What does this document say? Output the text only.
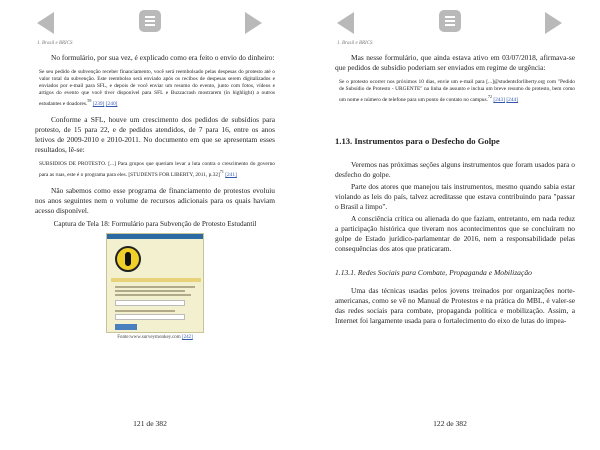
1. Brasil e BRICS

No formulário, por sua vez, é explicado como era feito o envio do dinheiro:

Se seu pedido de subvenção receber financiamento, você será reembolsado pelas despesas do protesto até o valor total da subvenção. Este reembolso será enviado após os recibos de despesas serem digitalizados e enviados por e-mail para SFL, e depois de você enviar um resumo do evento, junto com fotos, vídeos e artigos do evento que você tiver disponível para SFL e Buzzacrash mostrarem (in highlight) a outros estudantes e doadores.$^{59}$ [239] [240]

Conforme a SFL, houve um crescimento dos pedidos de subsídios para protesto, de 15 para 22, e de pedidos atendidos, de 7 para 16, entre os anos letivos de 2009-2010 e 2010-2011. No documento em que se apresentam esses resultados, lê-se:

SUBSIDIOS DE PROTESTO. [...] Para grupos que queriam levar a luta contra o crescimento do governo para as ruas, este é o programa para eles. [STUDENTS FOR LIBERTY, 2011, p.32]$^{71}$ [241]

Não sabemos como esse programa de financiamento de protestos evoluiu nos anos seguintes nem o volume de recursos adicionais para os quais haviam acesso disponível.

Captura de Tela 18: Formulário para Subvenção de Protesto Estudantil
Fonte:www.surveymonkey.com [242]
121 de 382
1. Brasil e BRICS

Mas nesse formulário, que ainda estava ativo em 03/07/2018, afirmava-se que pedidos de subsídio poderiam ser enviados em regime de urgência:

Se o protesto ocorrer nos próximos 10 dias, envie um e-mail para [...]@studentsforliberty.org com "Pedido de Subsídio de Protesto - URGENTE" na linha de assunto e inclua um breve resumo do protesto, bem como um nome e número de telefone para um ponto de contato no campus.$^{72}$ [243] [244]
1.13. Instrumentos para o Desfecho do Golpe

Veremos nas próximas seções alguns instrumentos que foram usados para o desfecho do golpe.

Parte dos atores que manejou tais instrumentos, mesmo quando sabia estar violando as leis do país, talvez acreditasse que estava contribuindo para "passar o Brasil a limpo".

A consciência crítica ou alienada do que faziam, entretanto, em nada reduz a participação histórica que tiveram nos acontecimentos que se concluíram no golpe de Estado jurídico-parlamentar de 2016, nem a responsabilidade pelas consequências dos atos que praticaram.

1.13.1. Redes Sociais para Combate, Propaganda e Mobilização

Uma das técnicas usadas pelos jovens treinados por organizações norte-americanas, como se vê no Manual de Protestos e na prática do MBL, é valer-se das redes sociais para combate, propaganda política e mobilização. Assim, a Internet foi largamente usada para o fortalecimento do eixo de lutas do impea-

122 de 382
